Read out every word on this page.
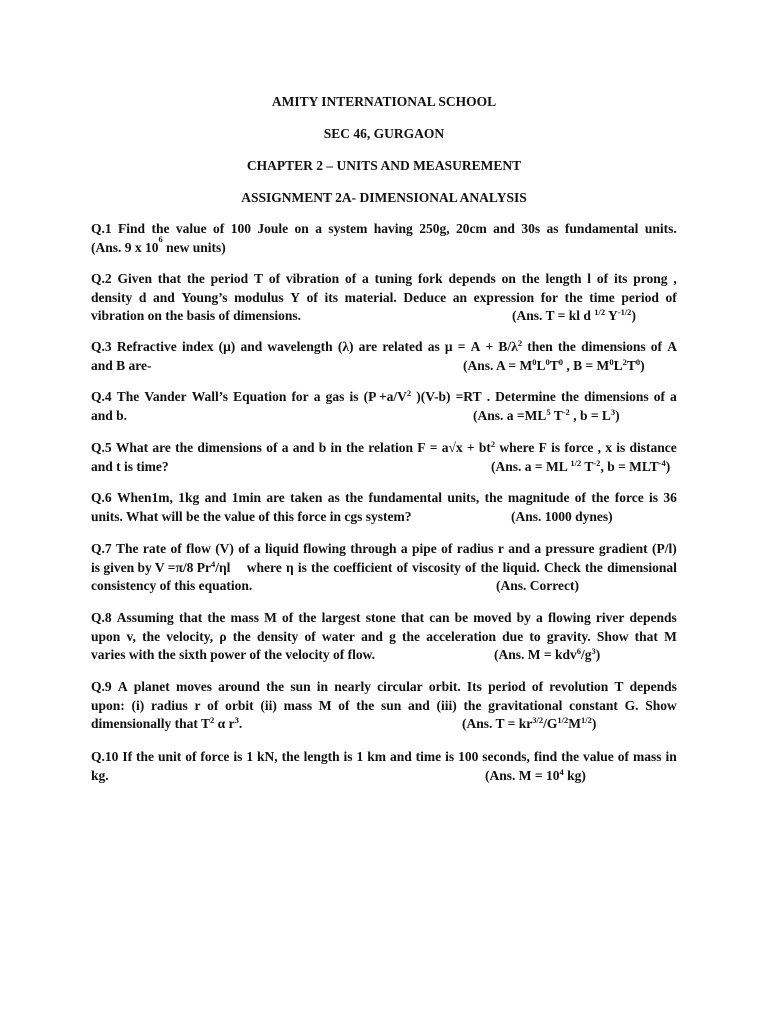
AMITY INTERNATIONAL SCHOOL
SEC 46, GURGAON
CHAPTER 2 – UNITS AND MEASUREMENT
ASSIGNMENT 2A- DIMENSIONAL ANALYSIS
Q.1 Find the value of 100 Joule on a system having 250g, 20cm and 30s as fundamental units.
(Ans. 9 x 10
6
new units)
Q.2 Given that the period T of vibration of a tuning fork depends on the length l of its prong ,
density d and Young’s modulus Y of its material. Deduce an expression for the time period of
vibration on the basis of dimensions.	(Ans. T = kl d $^{1/2}$ $Y^{-1/2}$)
Q.3 Refractive index (μ) and wavelength (λ) are related as $\mu = A + B/\lambda^2$ then the dimensions of A
and B are-	(Ans. $A = M^0L^0T^0$ , $B = M^0L^2T^0$)
Q.4 The Vander Wall’s Equation for a gas is ($P +a/V^2$ )(V-b) =RT . Determine the dimensions of a
and b.	(Ans. $a =ML^5$ $T^{-2}$ , $b = L^3$)
Q.5 What are the dimensions of a and b in the relation $F = a√x + bt^2$ where F is force , x is distance
and t is time?	(Ans. a = ML $^{1/2}$ $T^{-2}$, $b = MLT^{-4}$)
Q.6 When1m, 1kg and 1min are taken as the fundamental units, the magnitude of the force is 36
units. What will be the value of this force in cgs system?	(Ans. 1000 dynes)
Q.7 The rate of flow (V) of a liquid flowing through a pipe of radius r and a pressure gradient (P/l)
is given by V =π/8 Pr$^4$/ηl where η is the coefficient of viscosity of the liquid. Check the dimensional
consistency of this equation.	(Ans. Correct)
Q.8 Assuming that the mass M of the largest stone that can be moved by a flowing river depends
upon v, the velocity, ρ the density of water and g the acceleration due to gravity. Show that M
varies with the sixth power of the velocity of flow.	(Ans. $M = kdv^6/g^3$)
Q.9 A planet moves around the sun in nearly circular orbit. Its period of revolution T depends
upon: (i) radius r of orbit (ii) mass M of the sun and (iii) the gravitational constant G. Show
dimensionally that $T^2$ α $r^3$.	(Ans. $T = kr^{3/2}/G^{1/2}M^{1/2}$)
Q.10 If the unit of force is 1 kN, the length is 1 km and time is 100 seconds, find the value of mass in
kg.	(Ans. $M = 10^4$ kg)
